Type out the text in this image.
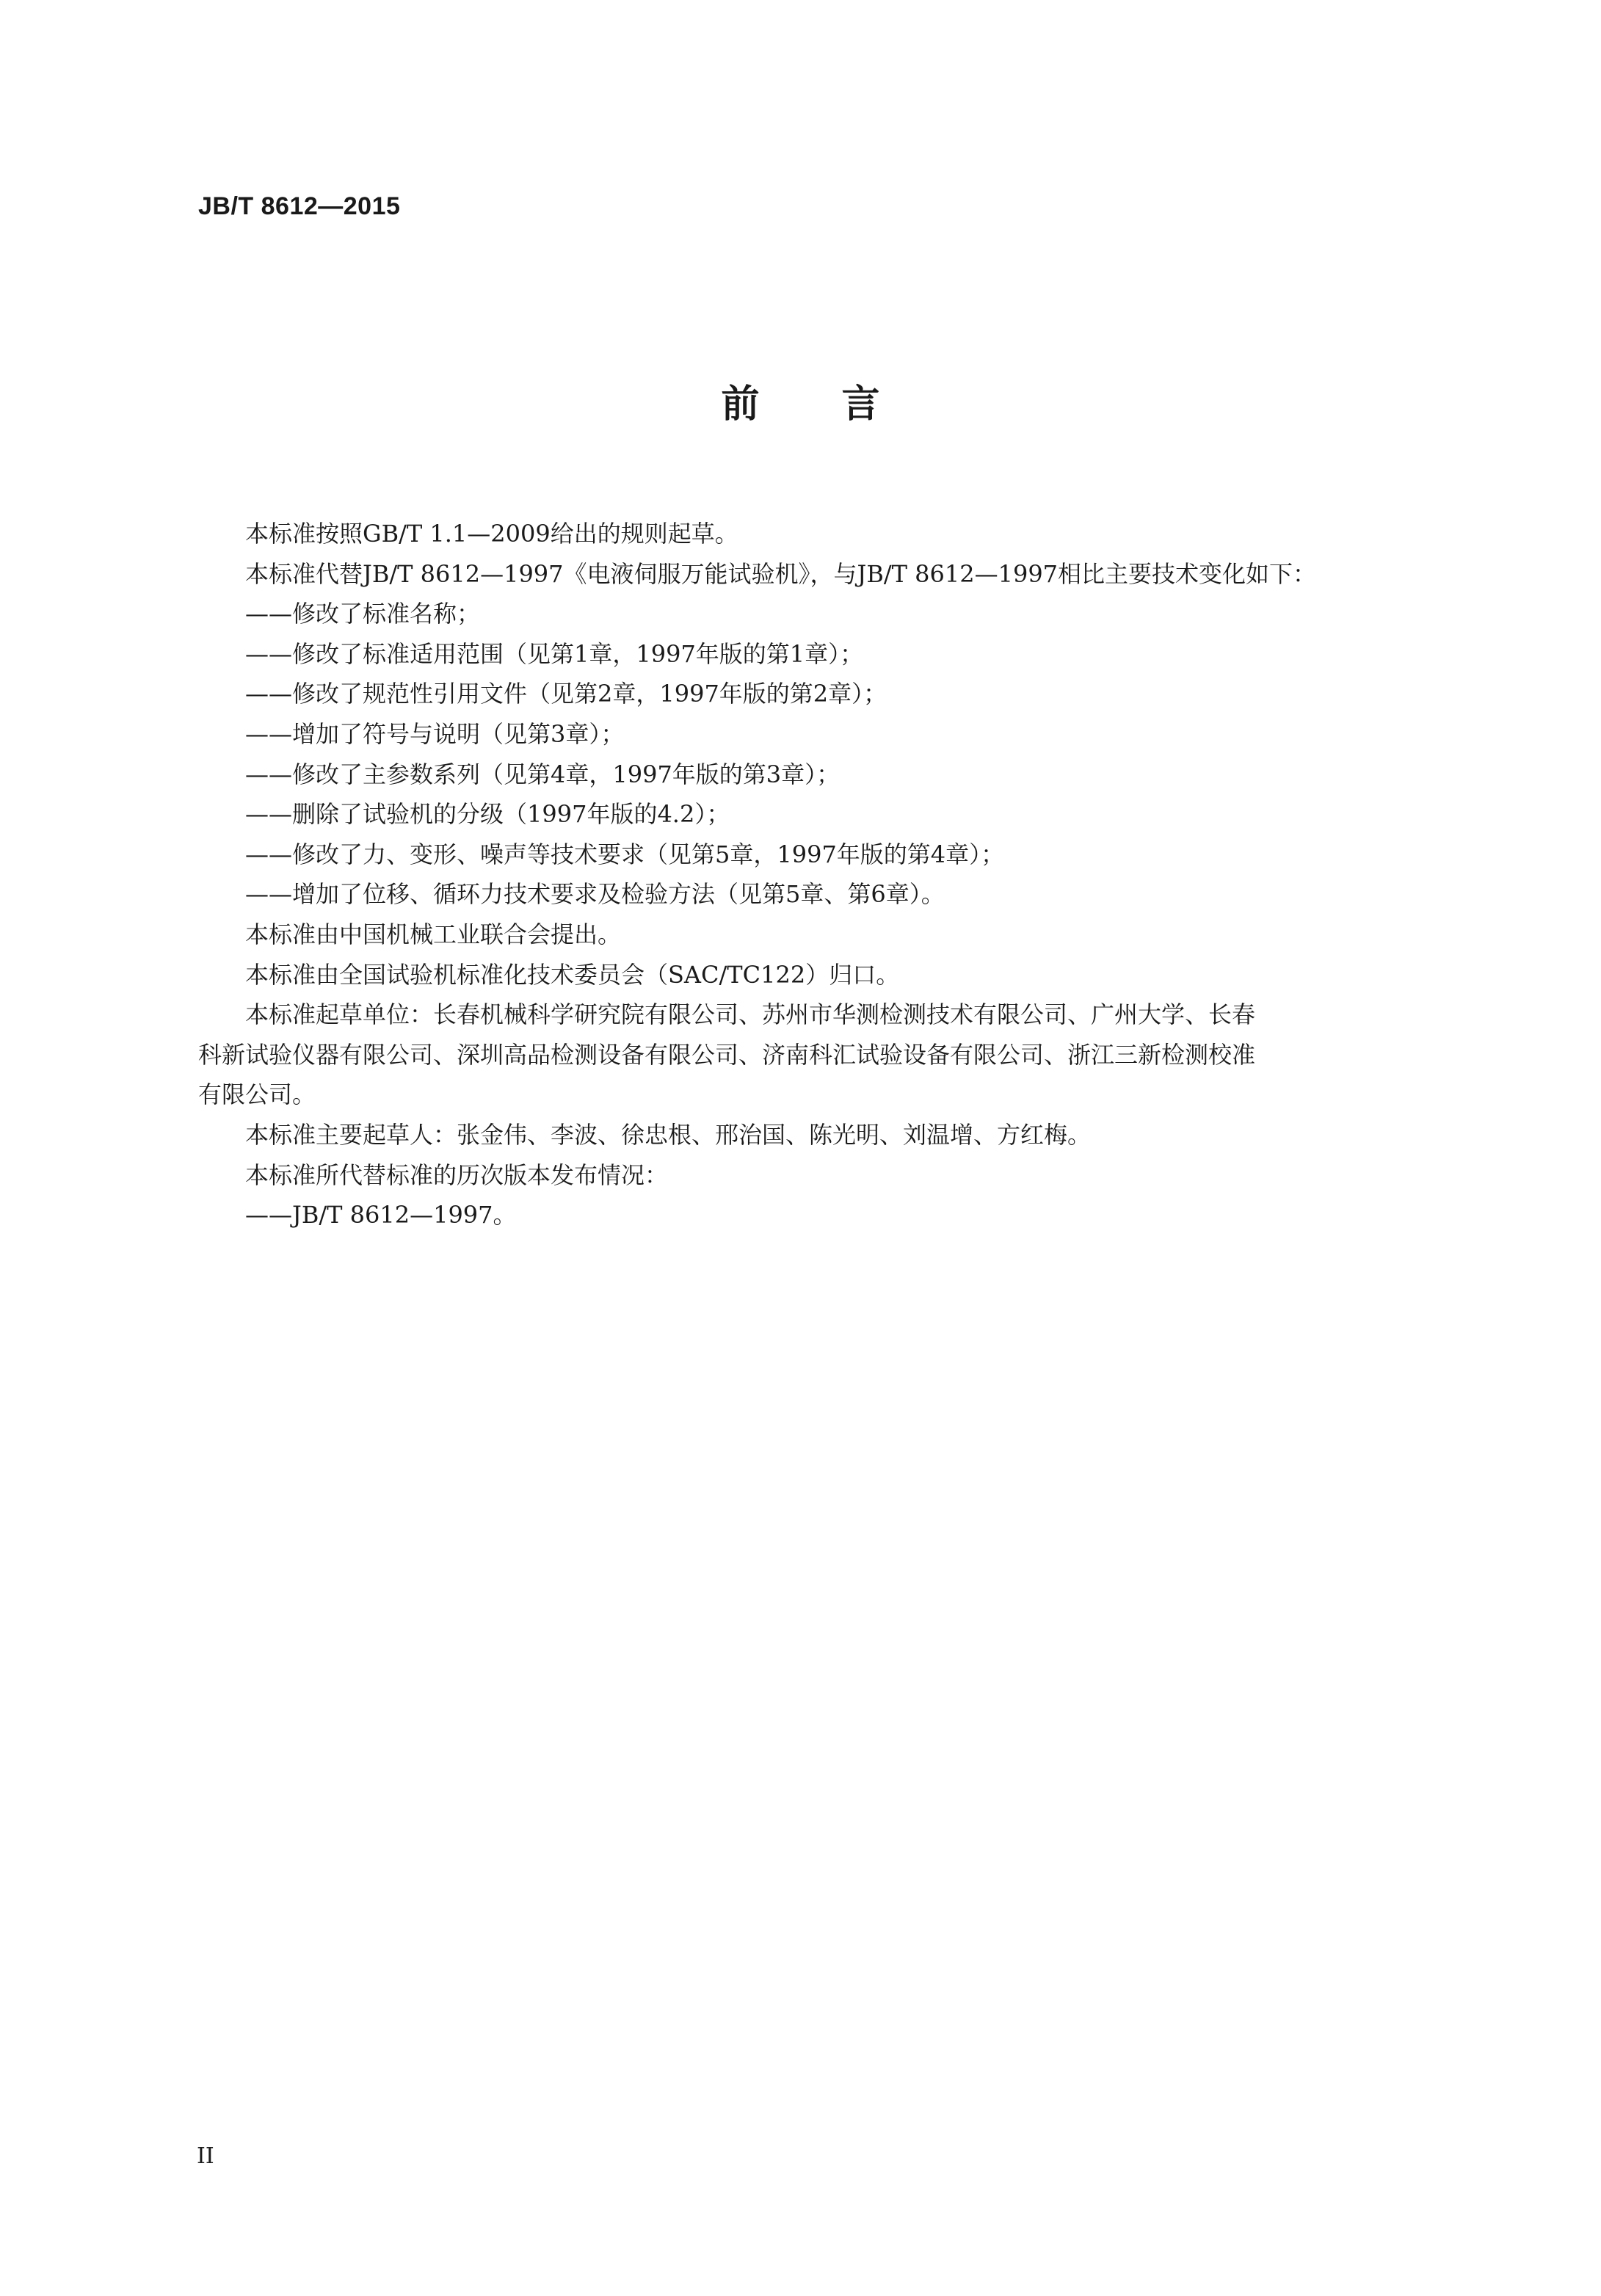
JB/T 8612—2015
前言
本标准按照GB/T 1.1—2009给出的规则起草。
本标准代替JB/T 8612—1997《电液伺服万能试验机》，与JB/T 8612—1997相比主要技术变化如下：
——修改了标准名称；
——修改了标准适用范围（见第1章，1997年版的第1章）；
——修改了规范性引用文件（见第2章，1997年版的第2章）；
——增加了符号与说明（见第3章）；
——修改了主参数系列（见第4章，1997年版的第3章）；
——删除了试验机的分级（1997年版的4.2）；
——修改了力、变形、噪声等技术要求（见第5章，1997年版的第4章）；
——增加了位移、循环力技术要求及检验方法（见第5章、第6章）。
本标准由中国机械工业联合会提出。
本标准由全国试验机标准化技术委员会（SAC/TC122）归口。
本标准起草单位：长春机械科学研究院有限公司、苏州市华测检测技术有限公司、广州大学、长春
科新试验仪器有限公司、深圳高品检测设备有限公司、济南科汇试验设备有限公司、浙江三新检测校准
有限公司。
本标准主要起草人：张金伟、李波、徐忠根、邢治国、陈光明、刘温增、方红梅。
本标准所代替标准的历次版本发布情况：
——JB/T 8612—1997。
II
